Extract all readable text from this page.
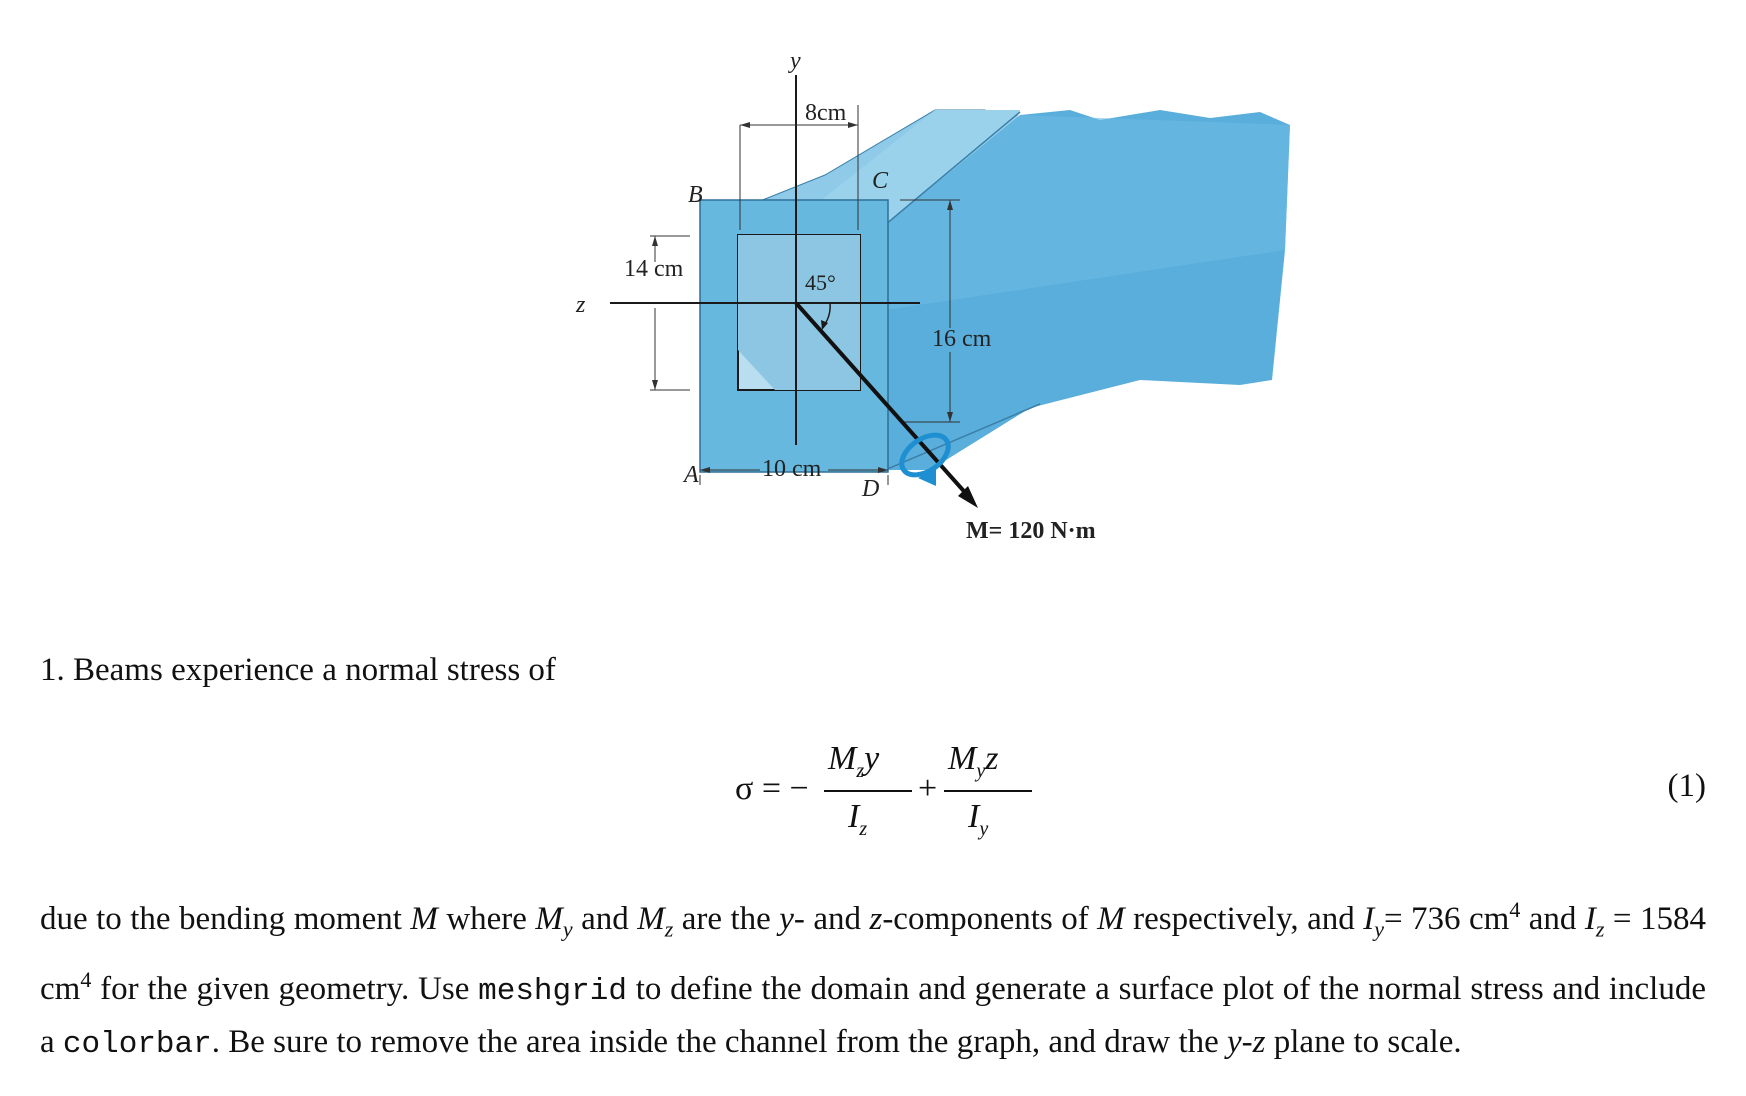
y
z
B
C
A
D
8cm
14 cm
16 cm
10 cm
45°
M= 120 N·m

1. Beams experience a normal stress of

σ = −
$M_zy$
$I_z$
+
$M_yz$
$I_y$

(1)

due to the bending moment M where $M_y$ and $M_z$ are the y- and z-components of M respectively, and $I_y= 736$ $cm^4$ and $I_z = 1584$ $cm^4$ for the given geometry. Use meshgrid to define the domain and generate a surface plot of the normal stress and include a colorbar. Be sure to remove the area inside the channel from the graph, and draw the y-z plane to scale.
